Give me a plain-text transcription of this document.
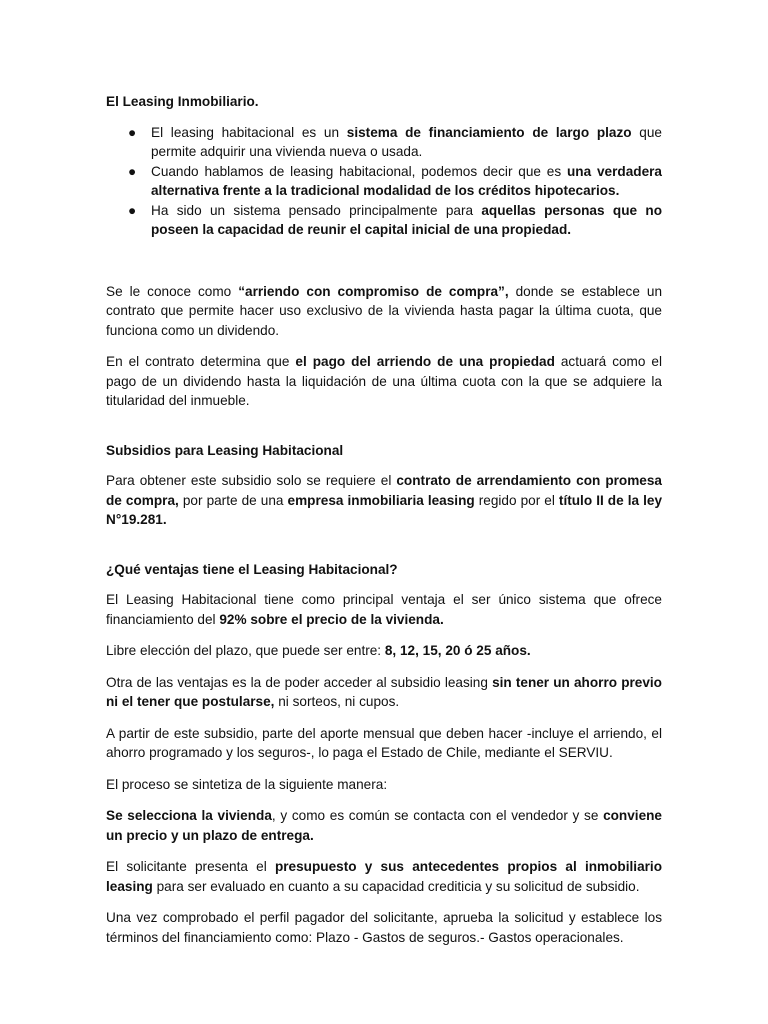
El Leasing Inmobiliario.

● El leasing habitacional es un sistema de financiamiento de largo plazo que permite adquirir una vivienda nueva o usada.
● Cuando hablamos de leasing habitacional, podemos decir que es una verdadera alternativa frente a la tradicional modalidad de los créditos hipotecarios.
● Ha sido un sistema pensado principalmente para aquellas personas que no poseen la capacidad de reunir el capital inicial de una propiedad.

Se le conoce como “arriendo con compromiso de compra”, donde se establece un contrato que permite hacer uso exclusivo de la vivienda hasta pagar la última cuota, que funciona como un dividendo.

En el contrato determina que el pago del arriendo de una propiedad actuará como el pago de un dividendo hasta la liquidación de una última cuota con la que se adquiere la titularidad del inmueble.

Subsidios para Leasing Habitacional

Para obtener este subsidio solo se requiere el contrato de arrendamiento con promesa de compra, por parte de una empresa inmobiliaria leasing regido por el título II de la ley N°19.281.

¿Qué ventajas tiene el Leasing Habitacional?

El Leasing Habitacional tiene como principal ventaja el ser único sistema que ofrece financiamiento del 92% sobre el precio de la vivienda.

Libre elección del plazo, que puede ser entre: 8, 12, 15, 20 ó 25 años.

Otra de las ventajas es la de poder acceder al subsidio leasing sin tener un ahorro previo ni el tener que postularse, ni sorteos, ni cupos.

A partir de este subsidio, parte del aporte mensual que deben hacer -incluye el arriendo, el ahorro programado y los seguros-, lo paga el Estado de Chile, mediante el SERVIU.

El proceso se sintetiza de la siguiente manera:

Se selecciona la vivienda, y como es común se contacta con el vendedor y se conviene un precio y un plazo de entrega.

El solicitante presenta el presupuesto y sus antecedentes propios al inmobiliario leasing para ser evaluado en cuanto a su capacidad crediticia y su solicitud de subsidio.

Una vez comprobado el perfil pagador del solicitante, aprueba la solicitud y establece los términos del financiamiento como: Plazo - Gastos de seguros.- Gastos operacionales.
